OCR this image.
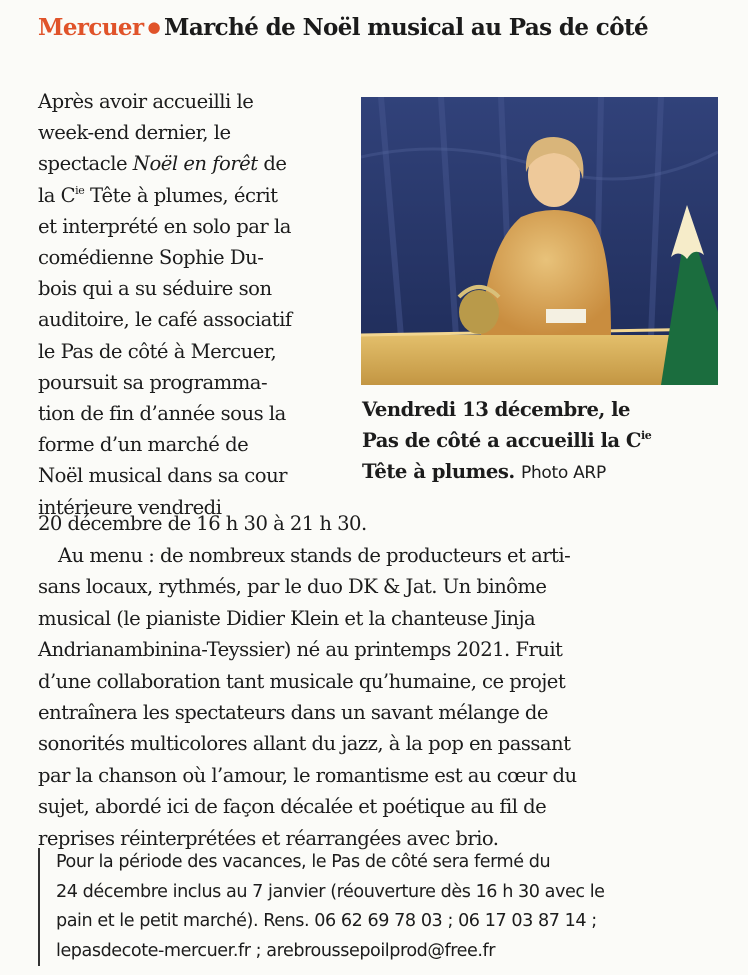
Mercuer ● Marché de Noël musical au Pas de côté
Après avoir accueilli le
week-end dernier, le
spectacle Noël en forêt de
la $C^{ie}$ Tête à plumes, écrit
et interprété en solo par la
comédienne Sophie Du-
bois qui a su séduire son
auditoire, le café associatif
le Pas de côté à Mercuer,
poursuit sa programma-
tion de fin d’année sous la
forme d’un marché de
Noël musical dans sa cour
intérieure vendredi
Vendredi 13 décembre, le
Pas de côté a accueilli la $C^{ie}$
Tête à plumes. Photo ARP
20 décembre de 16 h 30 à 21 h 30.
Au menu : de nombreux stands de producteurs et arti-
sans locaux, rythmés, par le duo DK & Jat. Un binôme
musical (le pianiste Didier Klein et la chanteuse Jinja
Andrianambinina-Teyssier) né au printemps 2021. Fruit
d’une collaboration tant musicale qu’humaine, ce projet
entraînera les spectateurs dans un savant mélange de
sonorités multicolores allant du jazz, à la pop en passant
par la chanson où l’amour, le romantisme est au cœur du
sujet, abordé ici de façon décalée et poétique au fil de
reprises réinterprétées et réarrangées avec brio.
Pour la période des vacances, le Pas de côté sera fermé du
24 décembre inclus au 7 janvier (réouverture dès 16 h 30 avec le
pain et le petit marché). Rens. 06 62 69 78 03 ; 06 17 03 87 14 ;
lepasdecote-mercuer.fr ; arebroussepoilprod@free.fr
